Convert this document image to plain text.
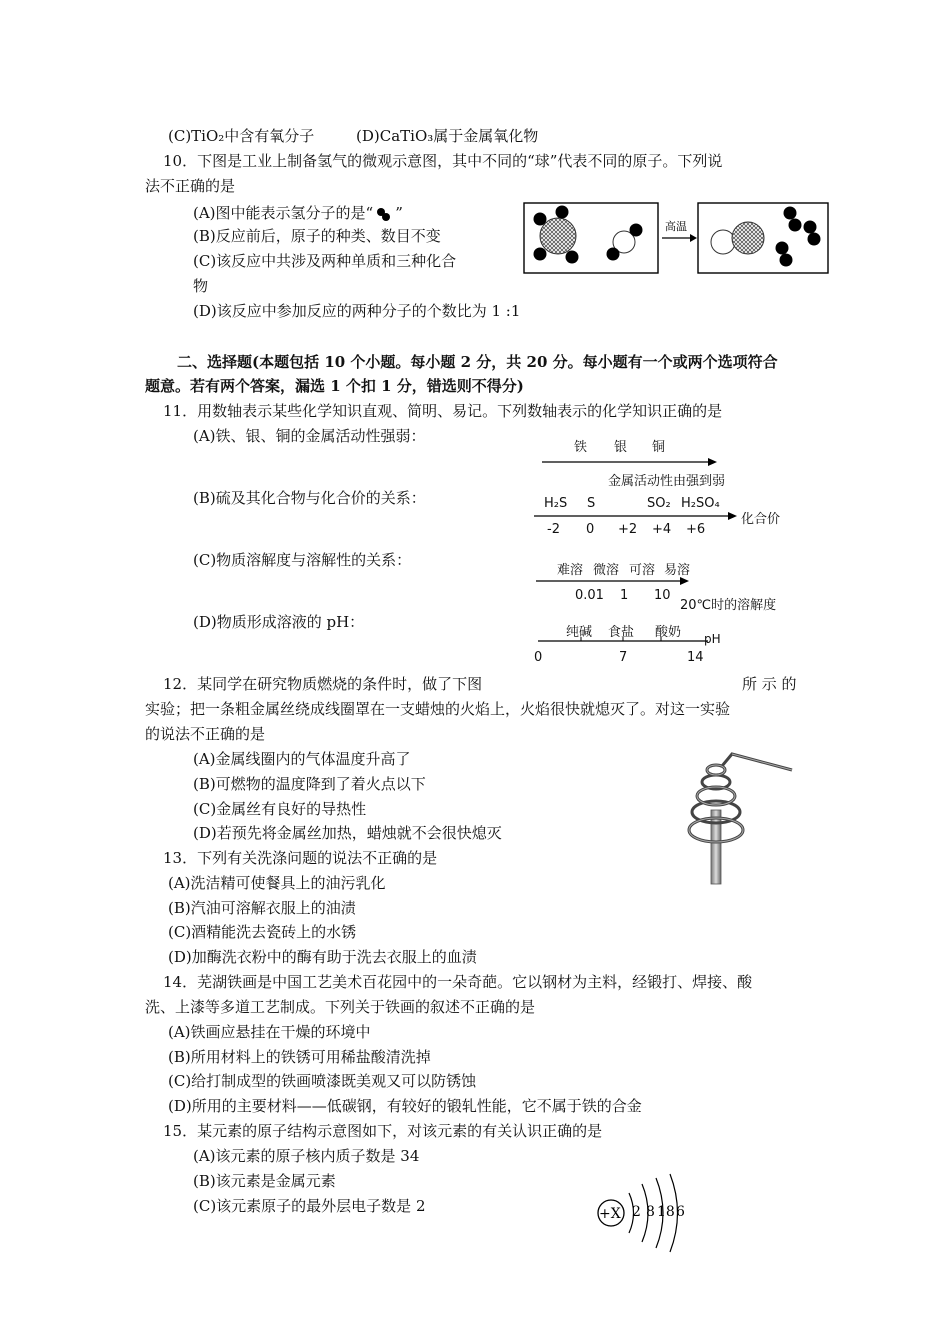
(C)TiO₂中含有氧分子	(D)CaTiO₃属于金属氧化物
10．下图是工业上制备氢气的微观示意图，其中不同的“球”代表不同的原子。下列说
法不正确的是
(A)图中能表示氢分子的是“ ”
(B)反应前后，原子的种类、数目不变
(C)该反应中共涉及两种单质和三种化合
物
(D)该反应中参加反应的两种分子的个数比为 1 :1
高温
二、选择题(本题包括 10 个小题。每小题 2 分，共 20 分。每小题有一个或两个选项符合
题意。若有两个答案，漏选 1 个扣 1 分，错选则不得分)
11．用数轴表示某些化学知识直观、简明、易记。下列数轴表示的化学知识正确的是
(A)铁、银、铜的金属活动性强弱：
(B)硫及其化合物与化合价的关系：
(C)物质溶解度与溶解性的关系：
(D)物质形成溶液的 pH：
铁 银 铜
金属活动性由强到弱
H₂S S	SO₂ H₂SO₄
-2 0 +2 +4 +6
化合价
难溶 微溶 可溶 易溶
0.01 1 10
20℃时的溶解度
纯碱 食盐 酸奶 pH
0	7	14
12．某同学在研究物质燃烧的条件时，做了下图	所 示 的
实验；把一条粗金属丝绕成线圈罩在一支蜡烛的火焰上，火焰很快就熄灭了。对这一实验
的说法不正确的是
(A)金属线圈内的气体温度升高了
(B)可燃物的温度降到了着火点以下
(C)金属丝有良好的导热性
(D)若预先将金属丝加热，蜡烛就不会很快熄灭
13．下列有关洗涤问题的说法不正确的是
(A)洗洁精可使餐具上的油污乳化
(B)汽油可溶解衣服上的油渍
(C)酒精能洗去瓷砖上的水锈
(D)加酶洗衣粉中的酶有助于洗去衣服上的血渍
14．芜湖铁画是中国工艺美术百花园中的一朵奇葩。它以钢材为主料，经锻打、焊接、酸
洗、上漆等多道工艺制成。下列关于铁画的叙述不正确的是
(A)铁画应悬挂在干燥的环境中
(B)所用材料上的铁锈可用稀盐酸清洗掉
(C)给打制成型的铁画喷漆既美观又可以防锈蚀
(D)所用的主要材料——低碳钢，有较好的锻轧性能，它不属于铁的合金
15．某元素的原子结构示意图如下，对该元素的有关认识正确的是
(A)该元素的原子核内质子数是 34
(B)该元素是金属元素
(C)该元素原子的最外层电子数是 2	+X 2 8 18 6
